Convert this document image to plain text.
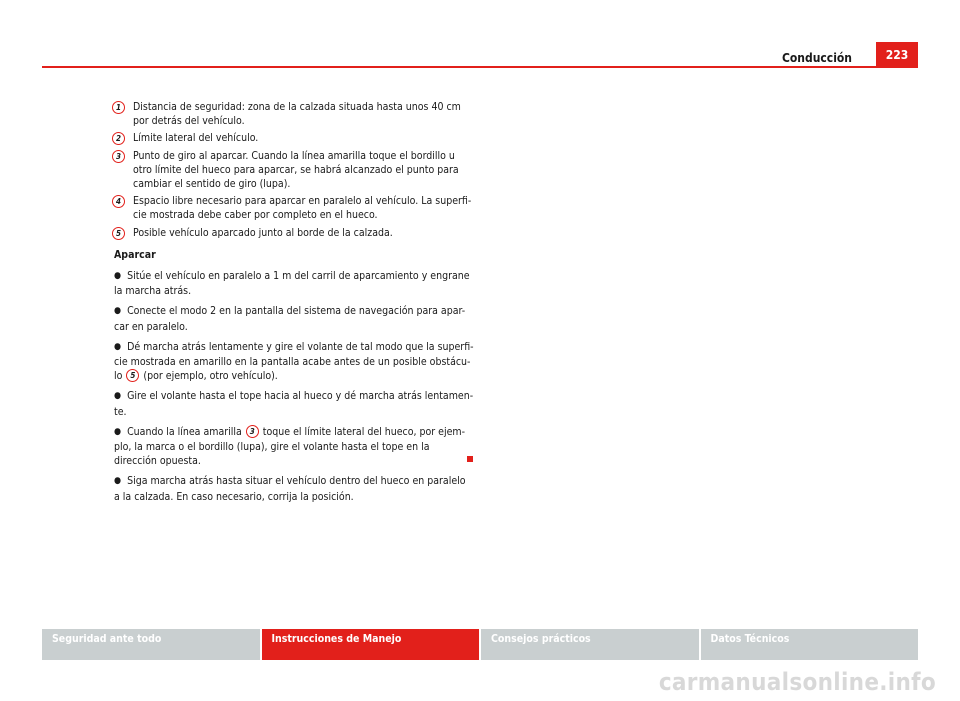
Conducción	223
1	Distancia de seguridad: zona de la calzada situada hasta unos 40 cm por detrás del vehículo.
2	Límite lateral del vehículo.
3	Punto de giro al aparcar. Cuando la línea amarilla toque el bordillo u otro límite del hueco para aparcar, se habrá alcanzado el punto para cambiar el sentido de giro (lupa).
4	Espacio libre necesario para aparcar en paralelo al vehículo. La superfi- cie mostrada debe caber por completo en el hueco.
5	Posible vehículo aparcado junto al borde de la calzada.
Aparcar

● Sitúe el vehículo en paralelo a 1 m del carril de aparcamiento y engrane la marcha atrás.

● Conecte el modo 2 en la pantalla del sistema de navegación para apar- car en paralelo.

● Dé marcha atrás lentamente y gire el volante de tal modo que la superfi- cie mostrada en amarillo en la pantalla acabe antes de un posible obstácu- lo 5 (por ejemplo, otro vehículo).

● Gire el volante hasta el tope hacia al hueco y dé marcha atrás lentamen- te.

● Cuando la línea amarilla 3 toque el límite lateral del hueco, por ejem- plo, la marca o el bordillo (lupa), gire el volante hasta el tope en la dirección opuesta.

● Siga marcha atrás hasta situar el vehículo dentro del hueco en paralelo a la calzada. En caso necesario, corrija la posición.

Seguridad ante todo	Instrucciones de Manejo	Consejos prácticos	Datos Técnicos
carmanualsonline.info
